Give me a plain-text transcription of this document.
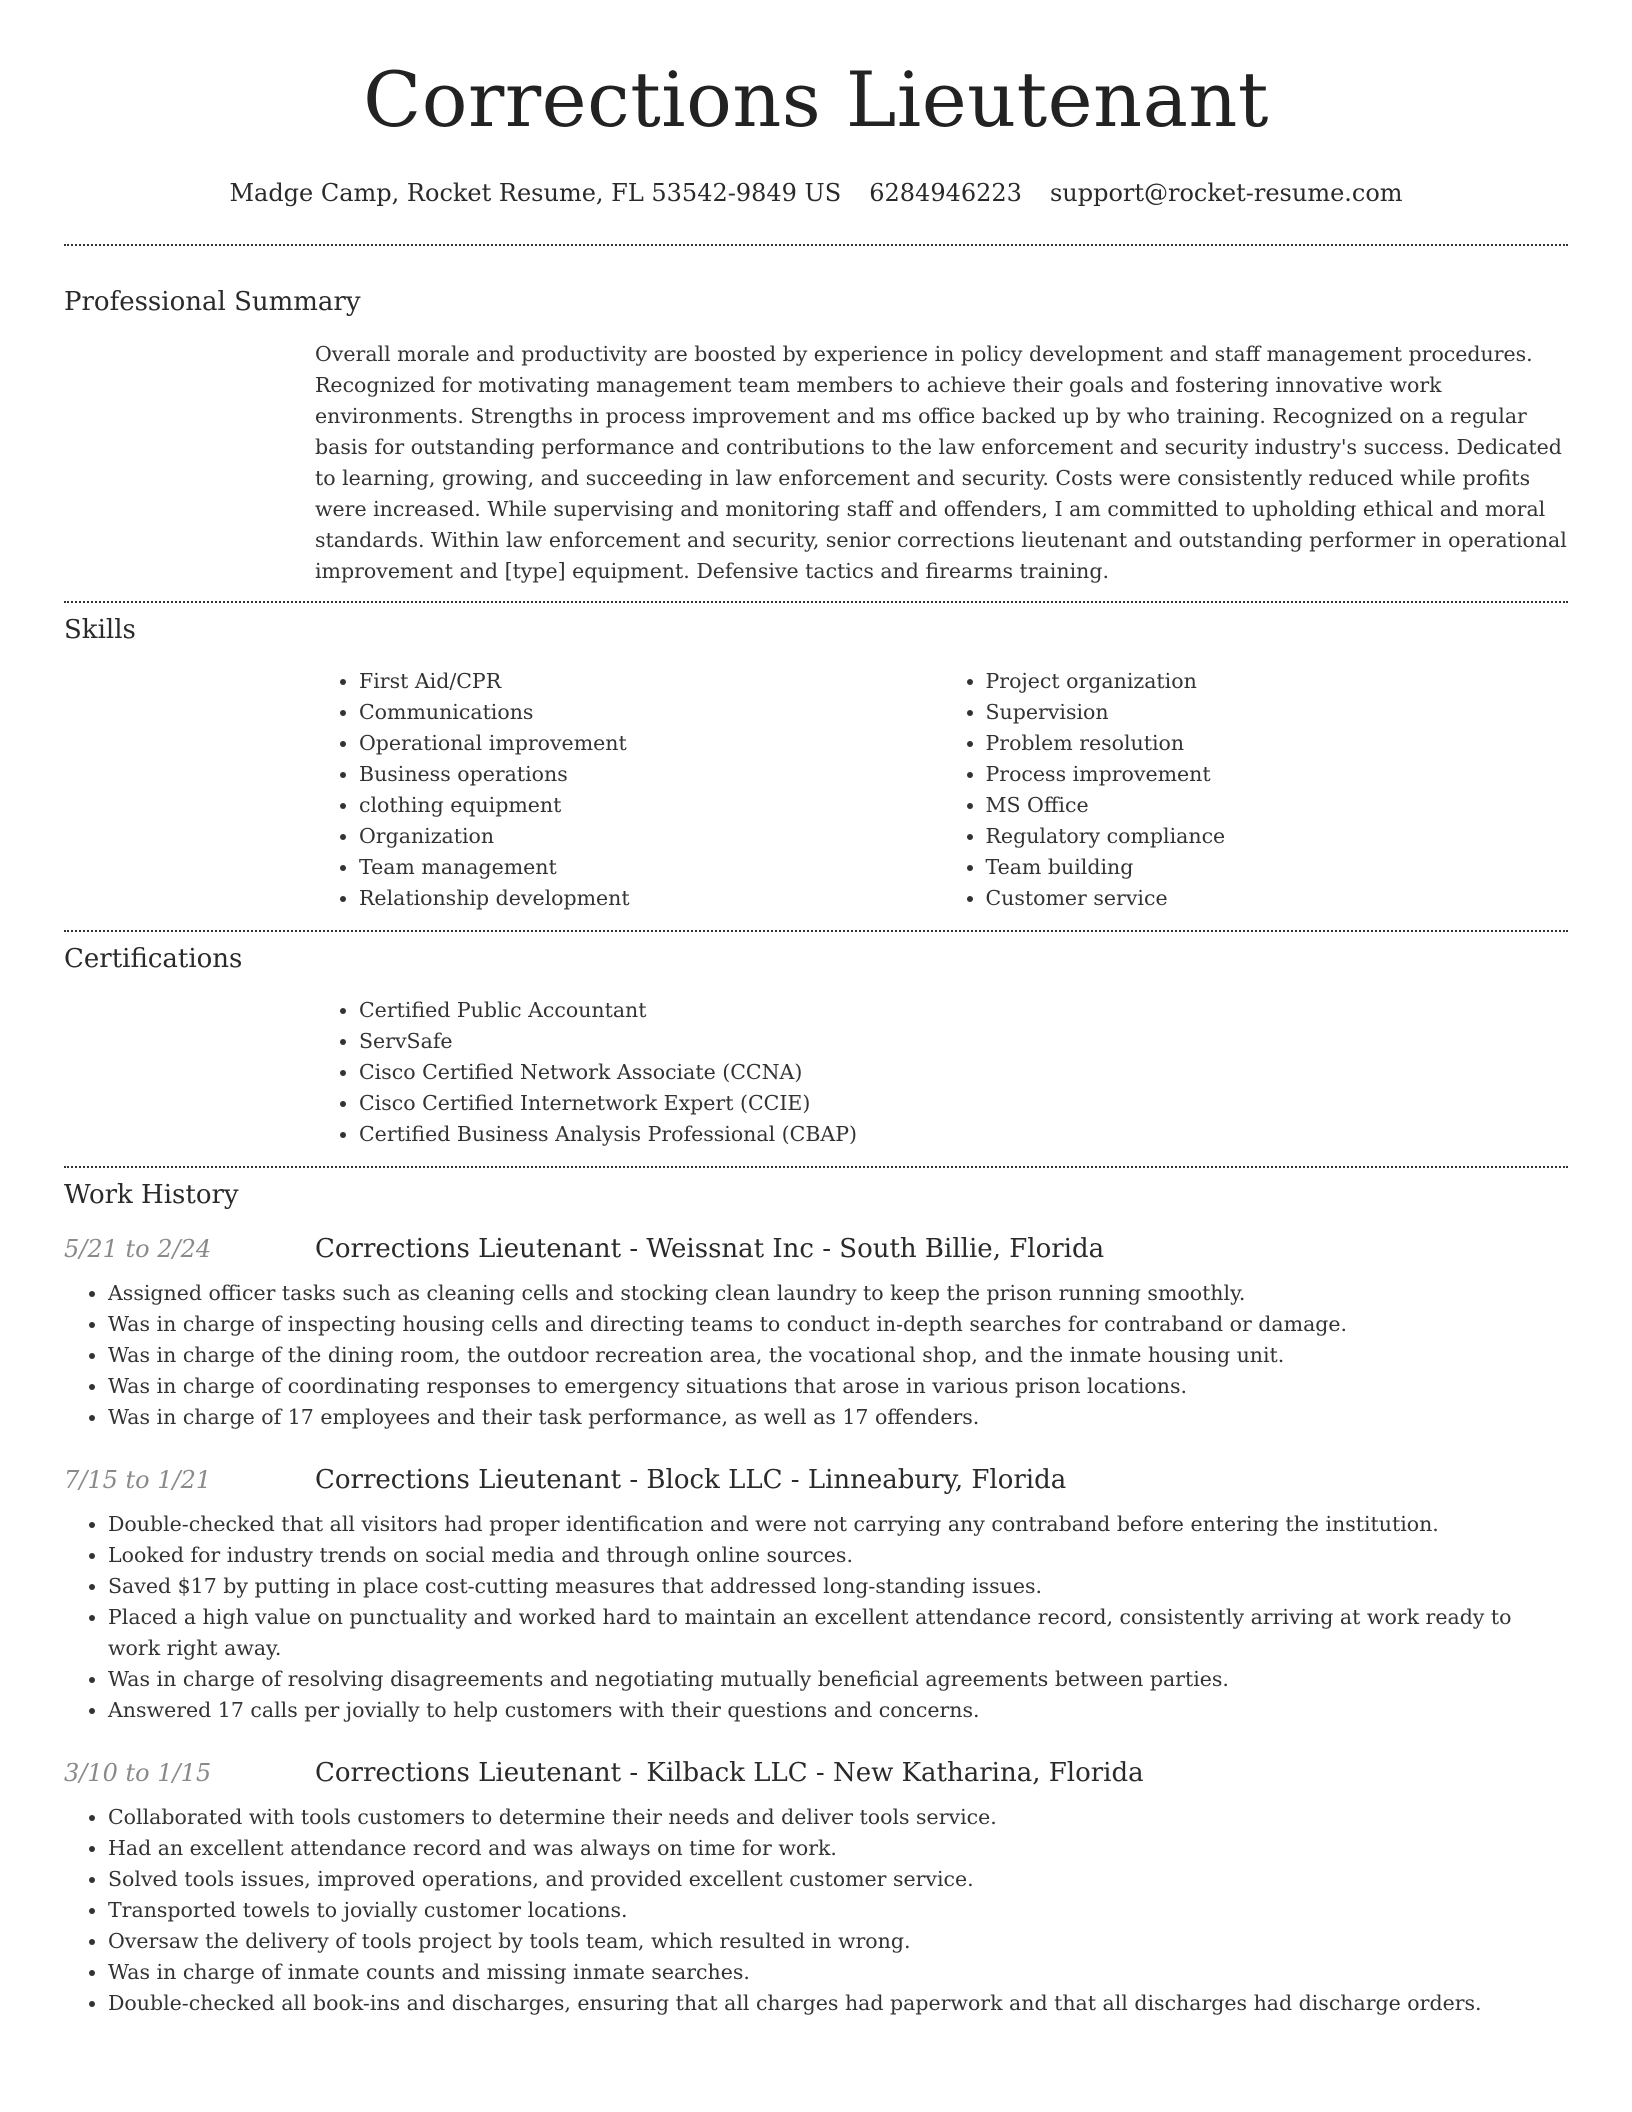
Corrections Lieutenant
Madge Camp, Rocket Resume, FL 53542-9849 US 6284946223 support@rocket-resume.com
Professional Summary

Overall morale and productivity are boosted by experience in policy development and staff management procedures. Recognized for motivating management team members to achieve their goals and fostering innovative work environments. Strengths in process improvement and ms office backed up by who training. Recognized on a regular basis for outstanding performance and contributions to the law enforcement and security industry's success. Dedicated to learning, growing, and succeeding in law enforcement and security. Costs were consistently reduced while profits were increased. While supervising and monitoring staff and offenders, I am committed to upholding ethical and moral standards. Within law enforcement and security, senior corrections lieutenant and outstanding performer in operational improvement and [type] equipment. Defensive tactics and firearms training.

Skills
• First Aid/CPR
• Communications
• Operational improvement
• Business operations
• clothing equipment
• Organization
• Team management
• Relationship development
• Project organization
• Supervision
• Problem resolution
• Process improvement
• MS Office
• Regulatory compliance
• Team building
• Customer service
Certifications
• Certified Public Accountant
• ServSafe
• Cisco Certified Network Associate (CCNA)
• Cisco Certified Internetwork Expert (CCIE)
• Certified Business Analysis Professional (CBAP)
Work History
5/21 to 2/24	Corrections Lieutenant - Weissnat Inc - South Billie, Florida
• Assigned officer tasks such as cleaning cells and stocking clean laundry to keep the prison running smoothly.
• Was in charge of inspecting housing cells and directing teams to conduct in-depth searches for contraband or damage.
• Was in charge of the dining room, the outdoor recreation area, the vocational shop, and the inmate housing unit.
• Was in charge of coordinating responses to emergency situations that arose in various prison locations.
• Was in charge of 17 employees and their task performance, as well as 17 offenders.
7/15 to 1/21	Corrections Lieutenant - Block LLC - Linneabury, Florida
• Double-checked that all visitors had proper identification and were not carrying any contraband before entering the institution.
• Looked for industry trends on social media and through online sources.
• Saved $17 by putting in place cost-cutting measures that addressed long-standing issues.
• Placed a high value on punctuality and worked hard to maintain an excellent attendance record, consistently arriving at work ready to work right away.
• Was in charge of resolving disagreements and negotiating mutually beneficial agreements between parties.
• Answered 17 calls per jovially to help customers with their questions and concerns.
3/10 to 1/15	Corrections Lieutenant - Kilback LLC - New Katharina, Florida
• Collaborated with tools customers to determine their needs and deliver tools service.
• Had an excellent attendance record and was always on time for work.
• Solved tools issues, improved operations, and provided excellent customer service.
• Transported towels to jovially customer locations.
• Oversaw the delivery of tools project by tools team, which resulted in wrong.
• Was in charge of inmate counts and missing inmate searches.
• Double-checked all book-ins and discharges, ensuring that all charges had paperwork and that all discharges had discharge orders.
